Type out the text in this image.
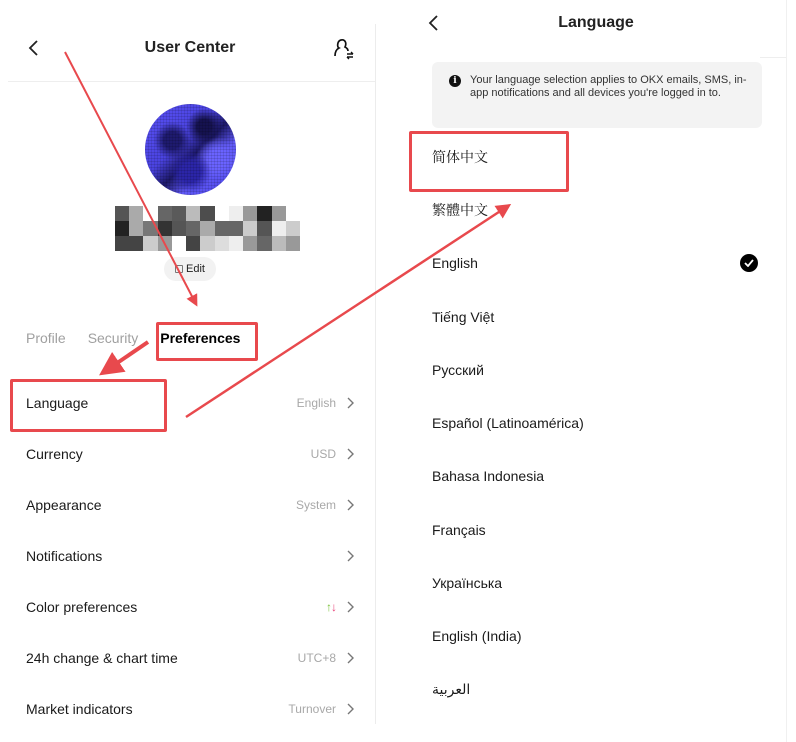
User Center
Edit
Profile Security Preferences
Language	English
Currency	USD
Appearance	System
Notifications
Color preferences	↑↓
24h change & chart time	UTC+8
Market indicators	Turnover
Language
Your language selection applies to OKX emails, SMS, in-app notifications and all devices you're logged in to.
i
简体中文
繁體中文
English
Tiếng Việt
Русский
Español (Latinoamérica)
Bahasa Indonesia
Français
Українська
English (India)
العربية
